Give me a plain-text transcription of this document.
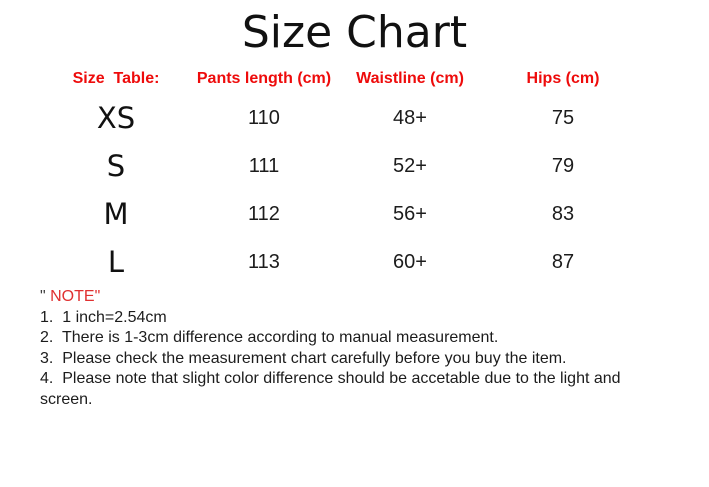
Size Chart
Size  Table:	Pants length (cm)	Waistline (cm)	Hips (cm)
XS	110	48+	75
S	111	52+	79
M	112	56+	83
L	113	60+	87
" NOTE"
1.  1 inch=2.54cm
2.  There is 1-3cm difference according to manual measurement.
3.  Please check the measurement chart carefully before you buy the item.
4.  Please note that slight color difference should be accetable due to the light and screen.
